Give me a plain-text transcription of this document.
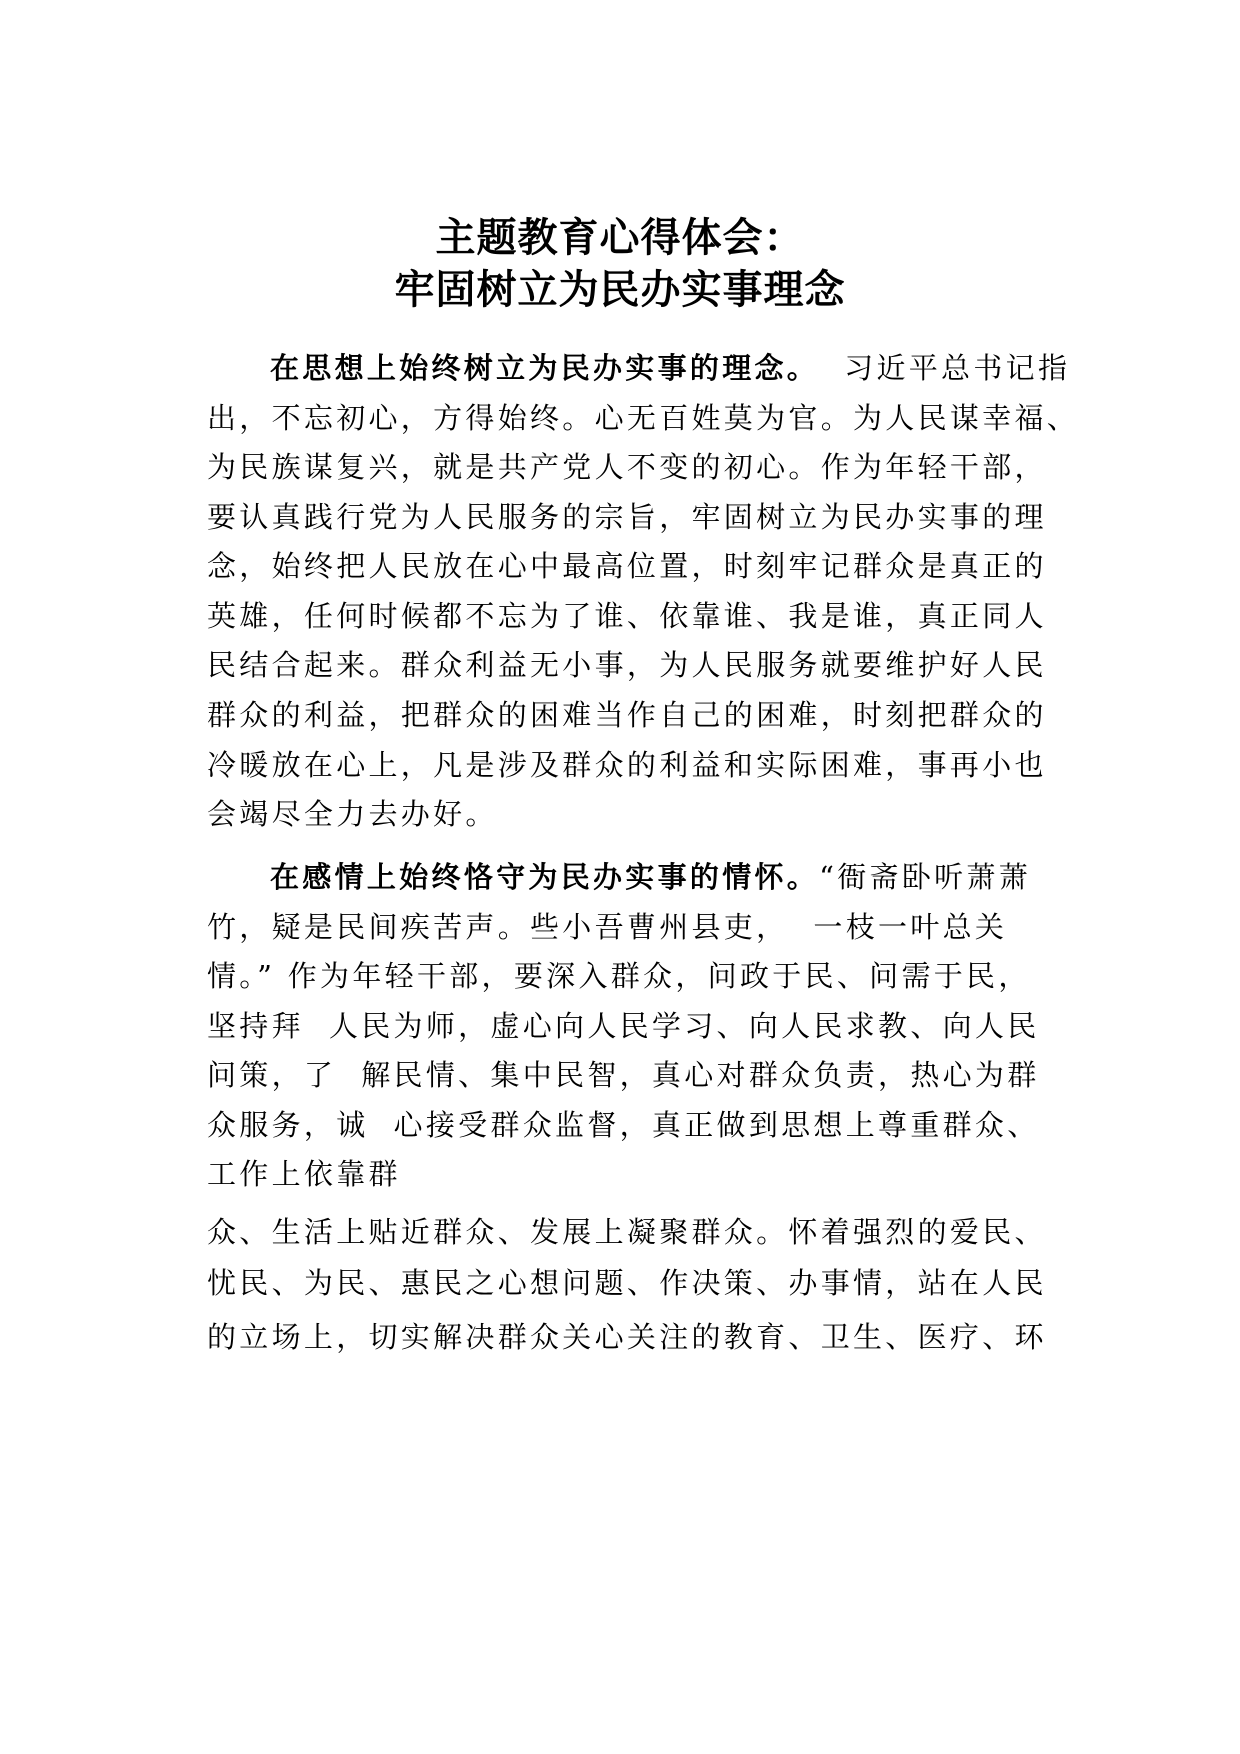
主题教育心得体会：
牢固树立为民办实事理念
在思想上始终树立为民办实事的理念。  习近平总书记指
出，不忘初心，方得始终。心无百姓莫为官。为人民谋幸福、
为民族谋复兴，就是共产党人不变的初心。作为年轻干部，
要认真践行党为人民服务的宗旨，牢固树立为民办实事的理
念，始终把人民放在心中最高位置，时刻牢记群众是真正的
英雄，任何时候都不忘为了谁、依靠谁、我是谁，真正同人
民结合起来。群众利益无小事，为人民服务就要维护好人民
群众的利益，把群众的困难当作自己的困难，时刻把群众的
冷暖放在心上，凡是涉及群众的利益和实际困难，事再小也
会竭尽全力去办好。
在感情上始终恪守为民办实事的情怀。“衙斋卧听萧萧
竹，疑是民间疾苦声。些小吾曹州县吏，  一枝一叶总关
情。” 作为年轻干部，要深入群众，问政于民、问需于民，
坚持拜  人民为师，虚心向人民学习、向人民求教、向人民
问策，了  解民情、集中民智，真心对群众负责，热心为群
众服务，诚  心接受群众监督，真正做到思想上尊重群众、
工作上依靠群
众、生活上贴近群众、发展上凝聚群众。怀着强烈的爱民、
忧民、为民、惠民之心想问题、作决策、办事情，站在人民
的立场上，切实解决群众关心关注的教育、卫生、医疗、环
